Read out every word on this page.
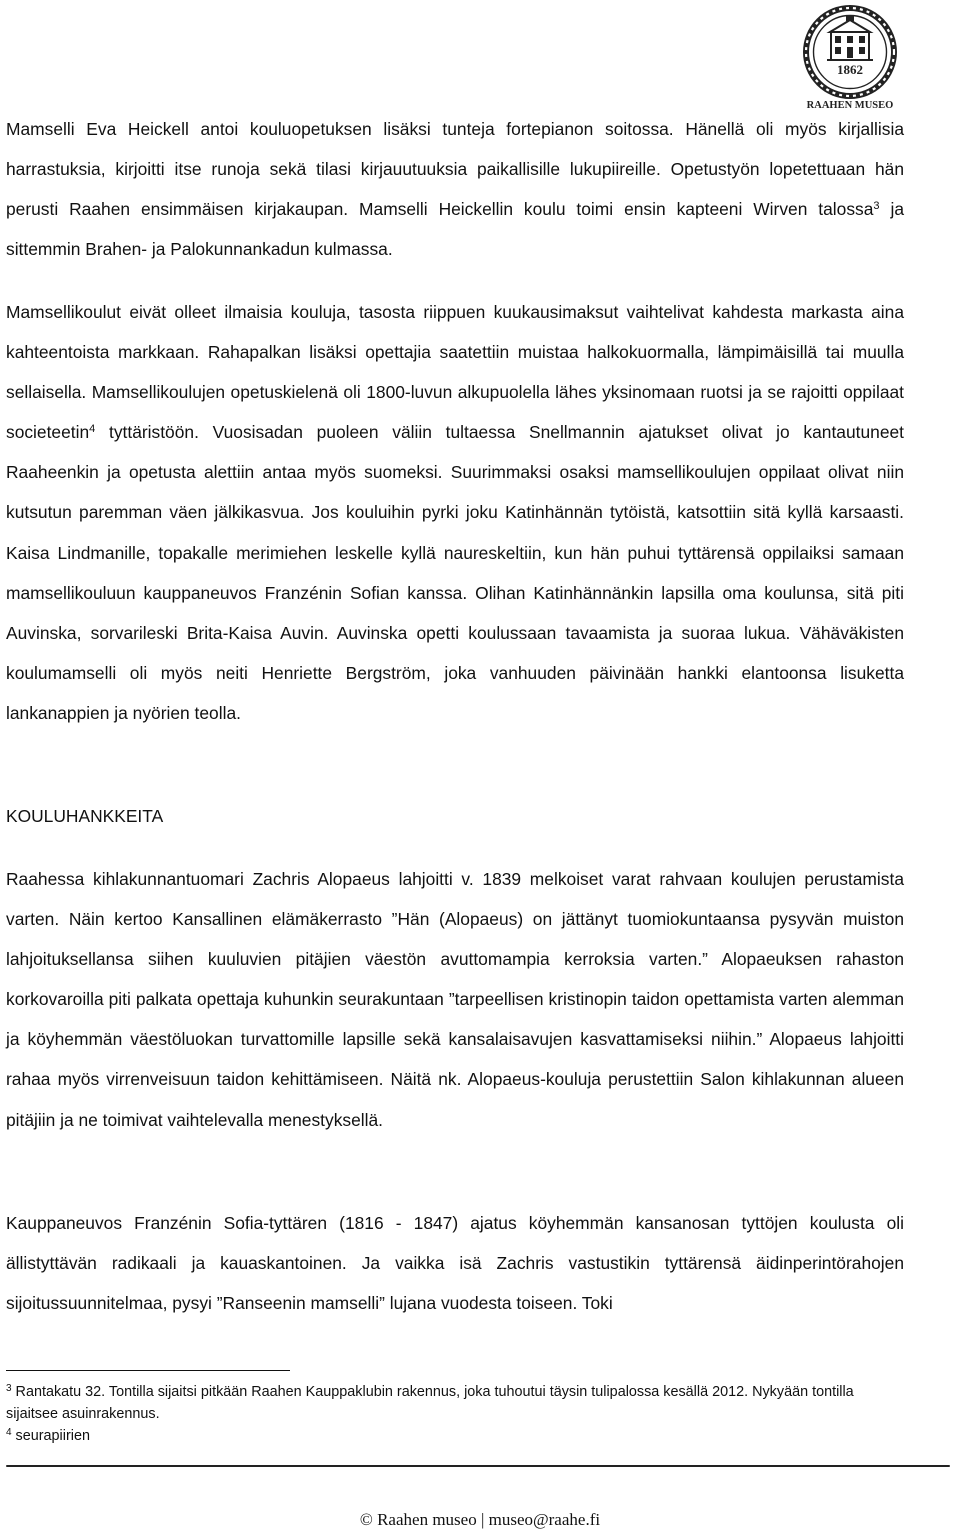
1862
RAAHEN MUSEO

Mamselli Eva Heickell antoi kouluopetuksen lisäksi tunteja fortepianon soitossa. Hänellä oli myös kirjallisia harrastuksia, kirjoitti itse runoja sekä tilasi kirjauutuuksia paikallisille lukupiireille. Opetustyön lopetettuaan hän perusti Raahen ensimmäisen kirjakaupan. Mamselli Heickellin koulu toimi ensin kapteeni Wirven talossa$^3$ ja sittemmin Brahen- ja Palokunnankadun kulmassa.

Mamsellikoulut eivät olleet ilmaisia kouluja, tasosta riippuen kuukausimaksut vaihtelivat kahdesta markasta aina kahteentoista markkaan. Rahapalkan lisäksi opettajia saatettiin muistaa halkokuormalla, lämpimäisillä tai muulla sellaisella. Mamsellikoulujen opetuskielenä oli 1800-luvun alkupuolella lähes yksinomaan ruotsi ja se rajoitti oppilaat societeetin$^4$ tyttäristöön. Vuosisadan puoleen väliin tultaessa Snellmannin ajatukset olivat jo kantautuneet Raaheenkin ja opetusta alettiin antaa myös suomeksi. Suurimmaksi osaksi mamsellikoulujen oppilaat olivat niin kutsutun paremman väen jälkikasvua. Jos kouluihin pyrki joku Katinhännän tytöistä, katsottiin sitä kyllä karsaasti. Kaisa Lindmanille, topakalle merimiehen leskelle kyllä naureskeltiin, kun hän puhui tyttärensä oppilaiksi samaan mamsellikouluun kauppaneuvos Franzénin Sofian kanssa. Olihan Katinhännänkin lapsilla oma koulunsa, sitä piti Auvinska, sorvarileski Brita-Kaisa Auvin. Auvinska opetti koulussaan tavaamista ja suoraa lukua. Vähäväkisten koulumamselli oli myös neiti Henriette Bergström, joka vanhuuden päivinään hankki elantoonsa lisuketta lankanappien ja nyörien teolla.

KOULUHANKKEITA

Raahessa kihlakunnantuomari Zachris Alopaeus lahjoitti v. 1839 melkoiset varat rahvaan koulujen perustamista varten. Näin kertoo Kansallinen elämäkerrasto ”Hän (Alopaeus) on jättänyt tuomiokuntaansa pysyvän muiston lahjoituksellansa siihen kuuluvien pitäjien väestön avuttomampia kerroksia varten.” Alopaeuksen rahaston korkovaroilla piti palkata opettaja kuhunkin seurakuntaan ”tarpeellisen kristinopin taidon opettamista varten alemman ja köyhemmän väestöluokan turvattomille lapsille sekä kansalaisavujen kasvattamiseksi niihin.” Alopaeus lahjoitti rahaa myös virrenveisuun taidon kehittämiseen. Näitä nk. Alopaeus-kouluja perustettiin Salon kihlakunnan alueen pitäjiin ja ne toimivat vaihtelevalla menestyksellä.

Kauppaneuvos Franzénin Sofia-tyttären (1816 - 1847) ajatus köyhemmän kansanosan tyttöjen koulusta oli ällistyttävän radikaali ja kauaskantoinen. Ja vaikka isä Zachris vastustikin tyttärensä äidinperintörahojen sijoitussuunnitelmaa, pysyi ”Ranseenin mamselli” lujana vuodesta toiseen. Toki

$^3$ Rantakatu 32. Tontilla sijaitsi pitkään Raahen Kauppaklubin rakennus, joka tuhoutui täysin tulipalossa kesällä 2012. Nykyään tontilla sijaitsee asuinrakennus.

$^4$ seurapiirien

© Raahen museo | museo@raahe.fi
